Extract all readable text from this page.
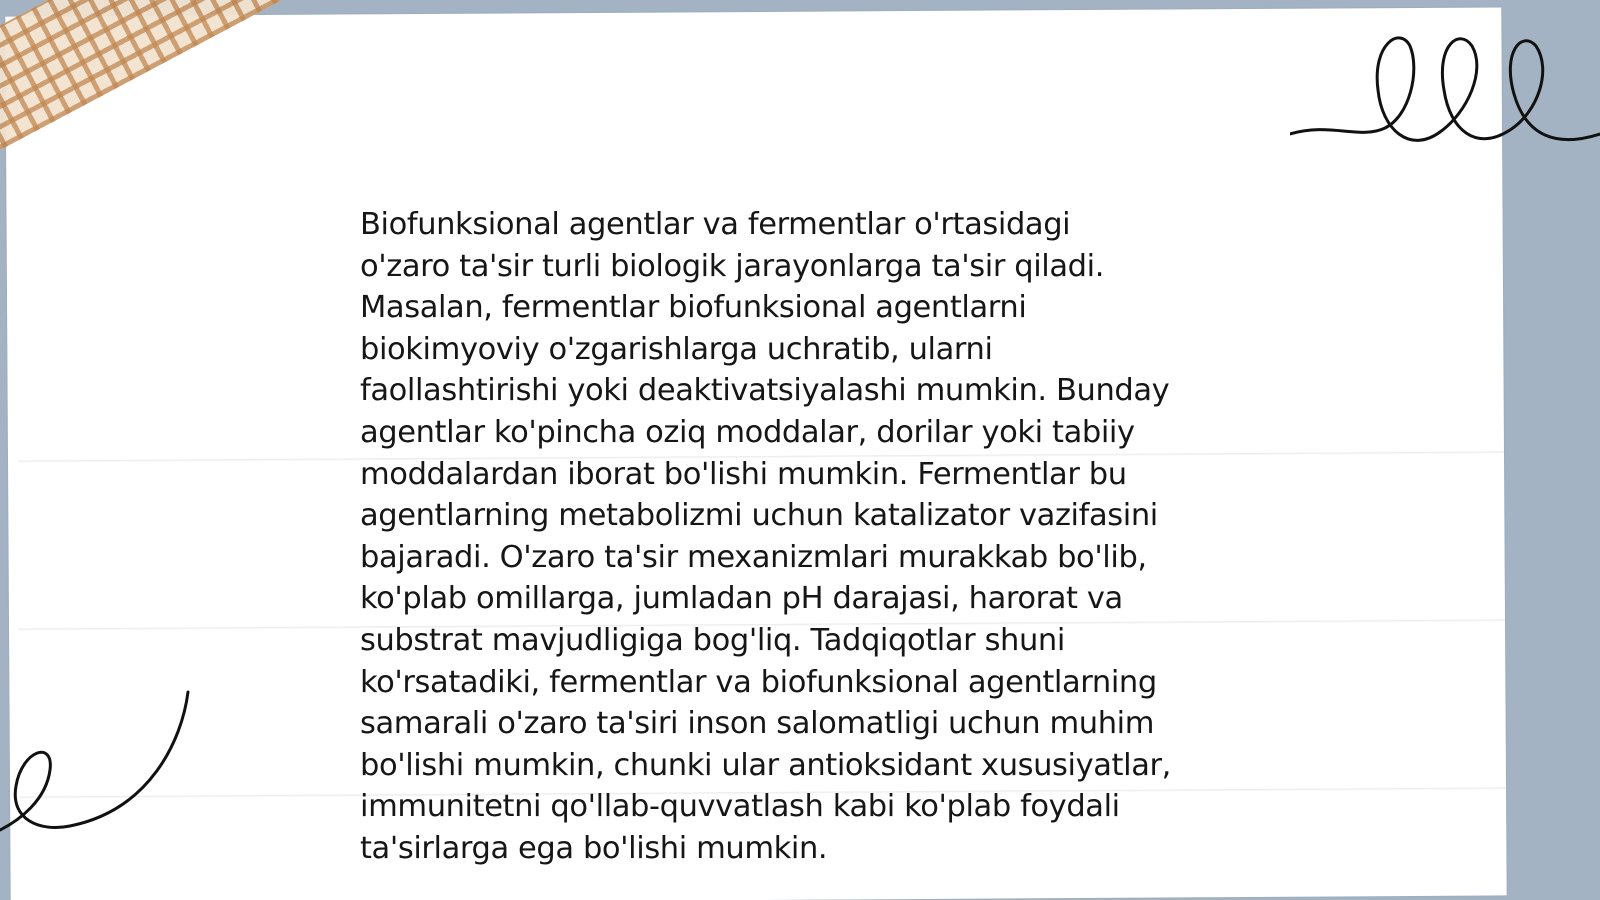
Biofunksional agentlar va fermentlar o'rtasidagi
o'zaro ta'sir turli biologik jarayonlarga ta'sir qiladi.
Masalan, fermentlar biofunksional agentlarni
biokimyoviy o'zgarishlarga uchratib, ularni
faollashtirishi yoki deaktivatsiyalashi mumkin. Bunday
agentlar ko'pincha oziq moddalar, dorilar yoki tabiiy
moddalardan iborat bo'lishi mumkin. Fermentlar bu
agentlarning metabolizmi uchun katalizator vazifasini
bajaradi. O'zaro ta'sir mexanizmlari murakkab bo'lib,
ko'plab omillarga, jumladan pH darajasi, harorat va
substrat mavjudligiga bog'liq. Tadqiqotlar shuni
ko'rsatadiki, fermentlar va biofunksional agentlarning
samarali o'zaro ta'siri inson salomatligi uchun muhim
bo'lishi mumkin, chunki ular antioksidant xususiyatlar,
immunitetni qo'llab-quvvatlash kabi ko'plab foydali
ta'sirlarga ega bo'lishi mumkin.
